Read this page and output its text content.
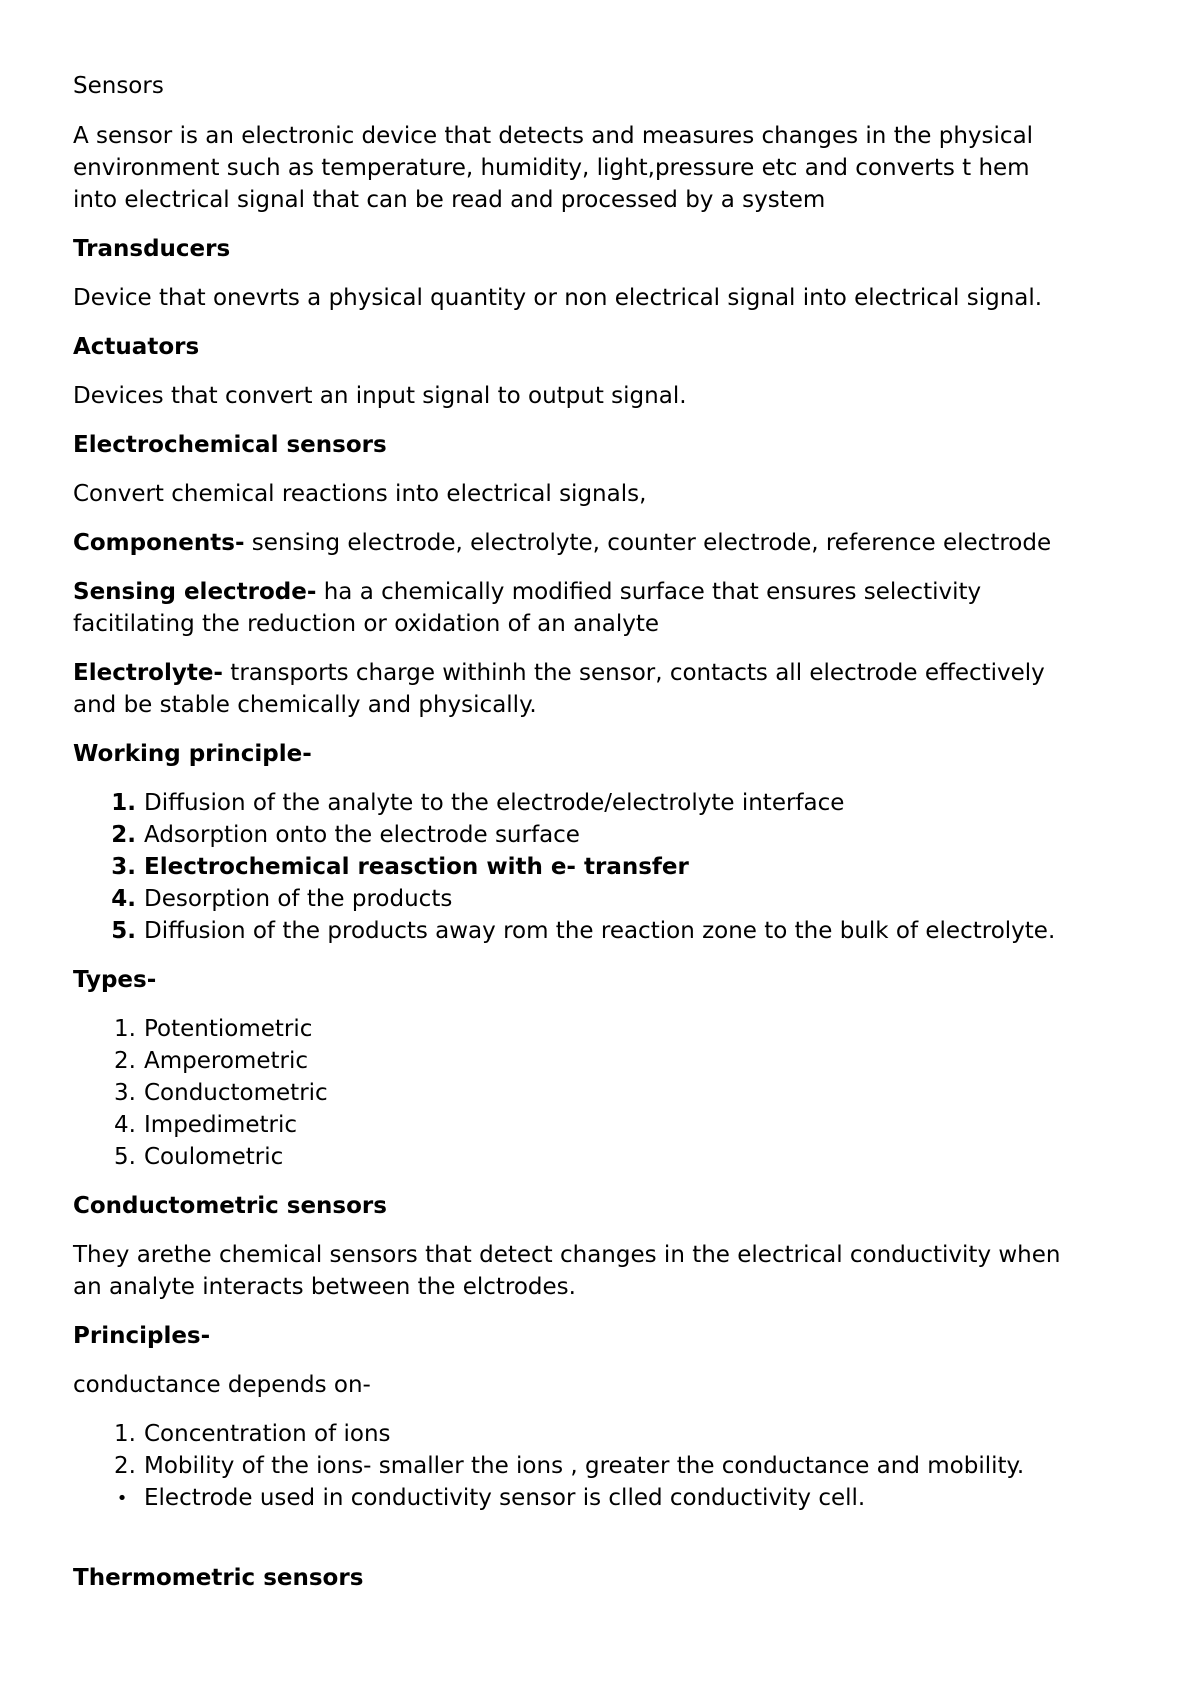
Sensors
A sensor is an electronic device that detects and measures changes in the physical
environment such as temperature, humidity, light,pressure etc and converts t hem
into electrical signal that can be read and processed by a system
Transducers
Device that onevrts a physical quantity or non electrical signal into electrical signal.
Actuators
Devices that convert an input signal to output signal.
Electrochemical sensors
Convert chemical reactions into electrical signals,
Components- sensing electrode, electrolyte, counter electrode, reference electrode
Sensing electrode- ha a chemically modified surface that ensures selectivity
facitilating the reduction or oxidation of an analyte
Electrolyte- transports charge withinh the sensor, contacts all electrode effectively
and be stable chemically and physically.
Working principle-
1. Diffusion of the analyte to the electrode/electrolyte interface
2. Adsorption onto the electrode surface
3. Electrochemical reasction with e- transfer
4. Desorption of the products
5. Diffusion of the products away rom the reaction zone to the bulk of electrolyte.
Types-
1. Potentiometric
2. Amperometric
3. Conductometric
4. Impedimetric
5. Coulometric
Conductometric sensors
They arethe chemical sensors that detect changes in the electrical conductivity when
an analyte interacts between the elctrodes.
Principles-
conductance depends on-
1. Concentration of ions
2. Mobility of the ions- smaller the ions , greater the conductance and mobility.
• Electrode used in conductivity sensor is clled conductivity cell.
Thermometric sensors
